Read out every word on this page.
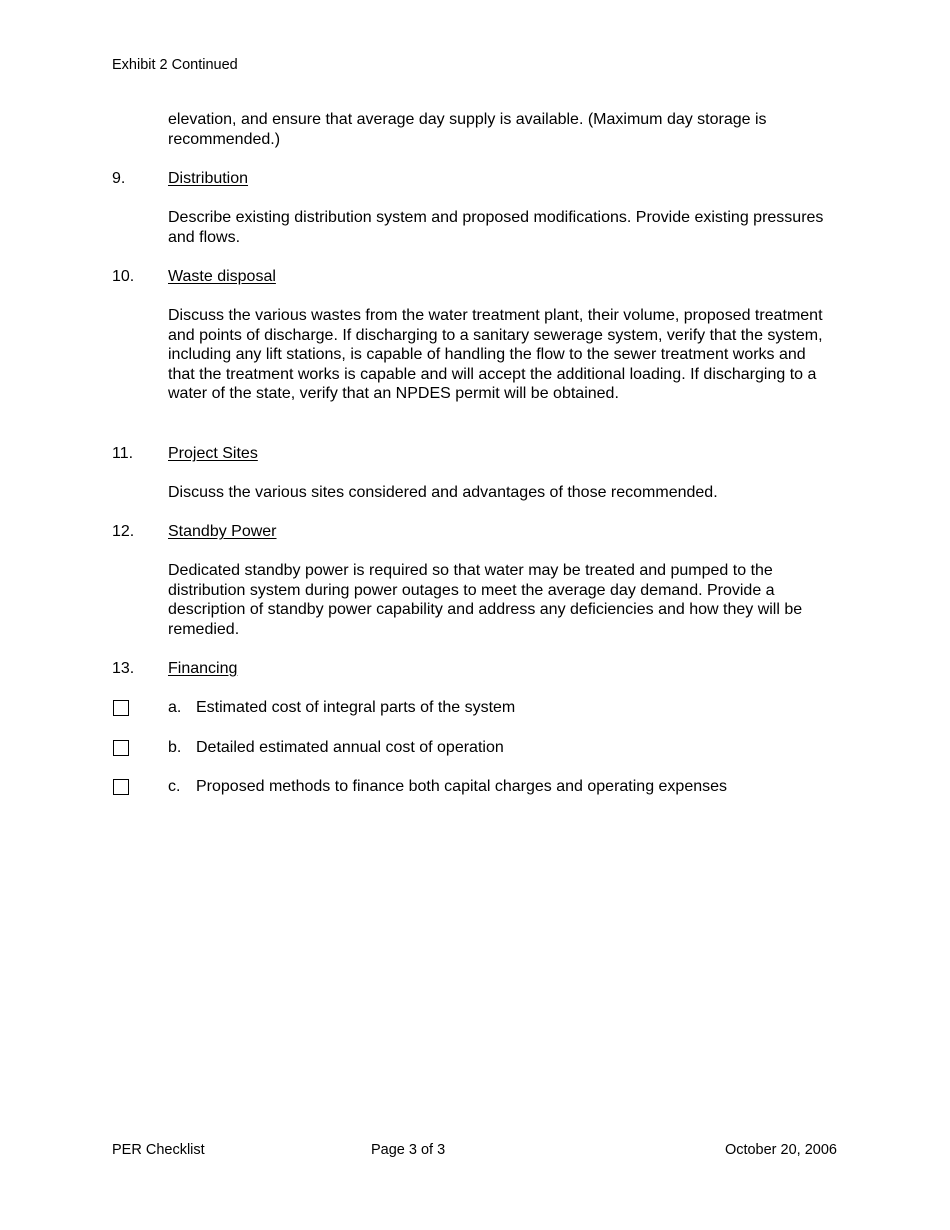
Exhibit 2 Continued
elevation, and ensure that average day supply is available. (Maximum day storage is recommended.)
9.	Distribution
Describe existing distribution system and proposed modifications. Provide existing pressures and flows.
10. Waste disposal
Discuss the various wastes from the water treatment plant, their volume, proposed treatment and points of discharge. If discharging to a sanitary sewerage system, verify that the system, including any lift stations, is capable of handling the flow to the sewer treatment works and that the treatment works is capable and will accept the additional loading. If discharging to a water of the state, verify that an NPDES permit will be obtained.
11. Project Sites
Discuss the various sites considered and advantages of those recommended.
12. Standby Power
Dedicated standby power is required so that water may be treated and pumped to the distribution system during power outages to meet the average day demand. Provide a description of standby power capability and address any deficiencies and how they will be remedied.
13. Financing
a. Estimated cost of integral parts of the system
b. Detailed estimated annual cost of operation
c. Proposed methods to finance both capital charges and operating expenses
PER Checklist	Page 3 of 3	October 20, 2006
